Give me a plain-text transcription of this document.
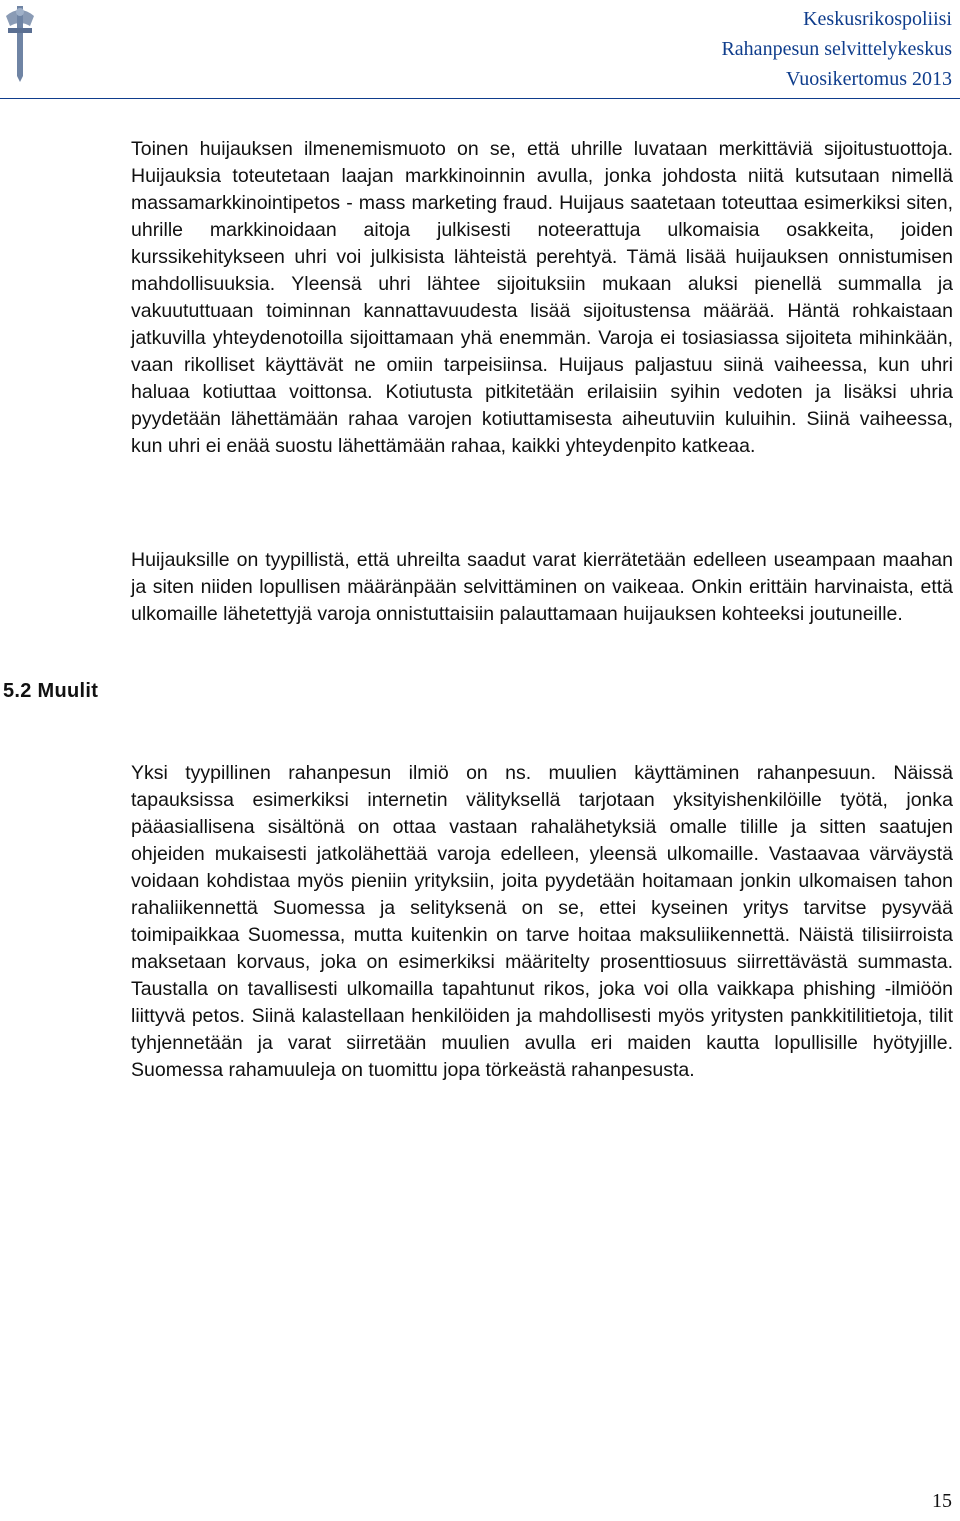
Keskusrikospoliisi
Rahanpesun selvittelykeskus
Vuosikertomus 2013
Toinen huijauksen ilmenemismuoto on se, että uhrille luvataan merkittäviä sijoitustuottoja. Huijauksia toteutetaan laajan markkinoinnin avulla, jonka johdosta niitä kutsutaan nimellä massamarkkinointipetos - mass marketing fraud. Huijaus saatetaan toteuttaa esimerkiksi siten, uhrille markkinoidaan aitoja julkisesti noteerattuja ulkomaisia osakkeita, joiden kurssikehitykseen uhri voi julkisista lähteistä perehtyä. Tämä lisää huijauksen onnistumisen mahdollisuuksia. Yleensä uhri lähtee sijoituksiin mukaan aluksi pienellä summalla ja vakuututtuaan toiminnan kannattavuudesta lisää sijoitustensa määrää. Häntä rohkaistaan jatkuvilla yhteydenotoilla sijoittamaan yhä enemmän. Varoja ei tosiasiassa sijoiteta mihinkään, vaan rikolliset käyttävät ne omiin tarpeisiinsa. Huijaus paljastuu siinä vaiheessa, kun uhri haluaa kotiuttaa voittonsa. Kotiutusta pitkitetään erilaisiin syihin vedoten ja lisäksi uhria pyydetään lähettämään rahaa varojen kotiuttamisesta aiheutuviin kuluihin. Siinä vaiheessa, kun uhri ei enää suostu lähettämään rahaa, kaikki yhteydenpito katkeaa.
Huijauksille on tyypillistä, että uhreilta saadut varat kierrätetään edelleen useampaan maahan ja siten niiden lopullisen määränpään selvittäminen on vaikeaa. Onkin erittäin harvinaista, että ulkomaille lähetettyjä varoja onnistuttaisiin palauttamaan huijauksen kohteeksi joutuneille.
5.2 Muulit
Yksi tyypillinen rahanpesun ilmiö on ns. muulien käyttäminen rahanpesuun. Näissä tapauksissa esimerkiksi internetin välityksellä tarjotaan yksityishenkilöille työtä, jonka pääasiallisena sisältönä on ottaa vastaan rahalähetyksiä omalle tilille ja sitten saatujen ohjeiden mukaisesti jatkolähettää varoja edelleen, yleensä ulkomaille. Vastaavaa värväystä voidaan kohdistaa myös pieniin yrityksiin, joita pyydetään hoitamaan jonkin ulkomaisen tahon rahaliikennettä Suomessa ja selityksenä on se, ettei kyseinen yritys tarvitse pysyvää toimipaikkaa Suomessa, mutta kuitenkin on tarve hoitaa maksuliikennettä. Näistä tilisiirroista maksetaan korvaus, joka on esimerkiksi määritelty prosenttiosuus siirrettävästä summasta. Taustalla on tavallisesti ulkomailla tapahtunut rikos, joka voi olla vaikkapa phishing -ilmiöön liittyvä petos. Siinä kalastellaan henkilöiden ja mahdollisesti myös yritysten pankkitilitietoja, tilit tyhjennetään ja varat siirretään muulien avulla eri maiden kautta lopullisille hyötyjille. Suomessa rahamuuleja on tuomittu jopa törkeästä rahanpesusta.
15
